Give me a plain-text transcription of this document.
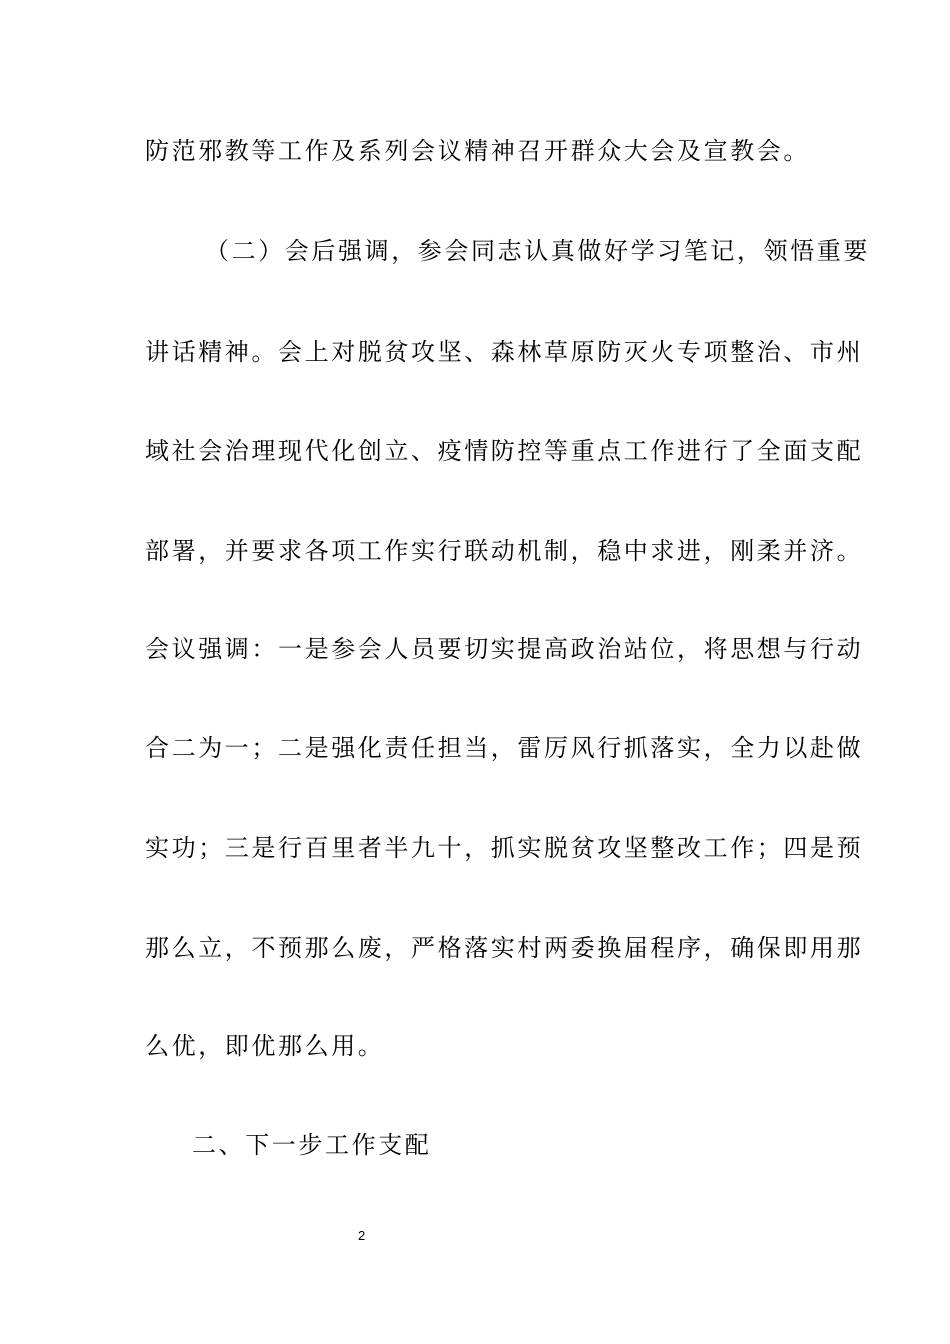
防范邪教等工作及系列会议精神召开群众大会及宣教会。
（二）会后强调，参会同志认真做好学习笔记，领悟重要
讲话精神。会上对脱贫攻坚、森林草原防灭火专项整治、市州
域社会治理现代化创立、疫情防控等重点工作进行了全面支配
部署，并要求各项工作实行联动机制，稳中求进，刚柔并济。
会议强调：一是参会人员要切实提高政治站位，将思想与行动
合二为一；二是强化责任担当，雷厉风行抓落实，全力以赴做
实功；三是行百里者半九十，抓实脱贫攻坚整改工作；四是预
那么立，不预那么废，严格落实村两委换届程序，确保即用那
么优，即优那么用。
二、下一步工作支配
2
